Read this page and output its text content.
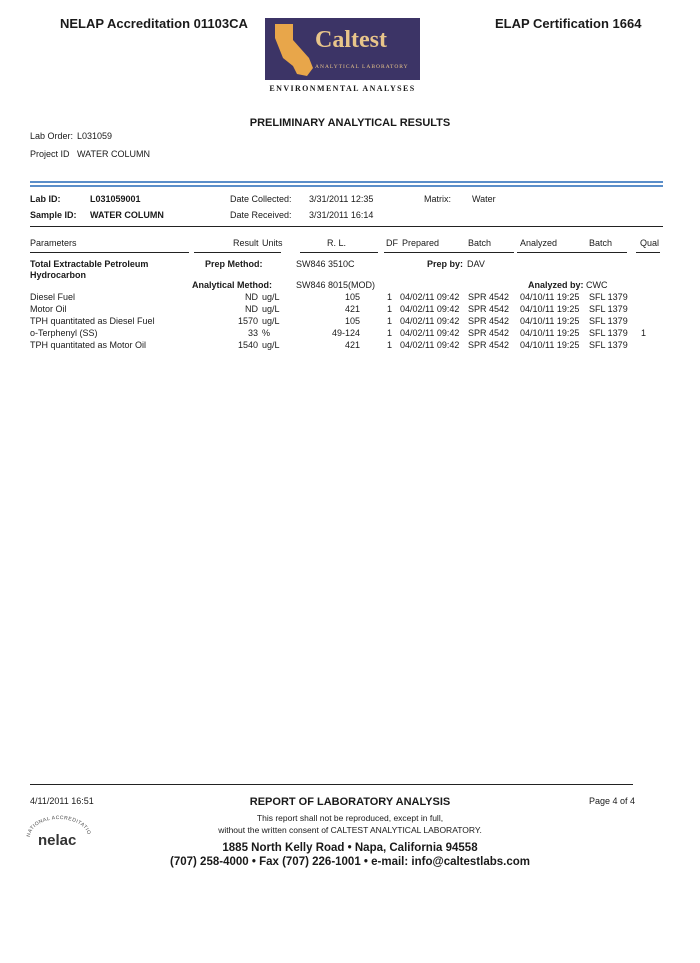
NELAP Accreditation 01103CA	ELAP Certification 1664
Caltest
ANALYTICAL LABORATORY
ENVIRONMENTAL ANALYSES
PRELIMINARY ANALYTICAL RESULTS
Lab Order: L031059
Project ID WATER COLUMN
Lab ID:	L031059001
Sample ID: WATER COLUMN
Date Collected: 3/31/2011 12:35
Date Received: 3/31/2011 16:14
Matrix: Water
Parameters	Result Units	R. L.	DF Prepared	Batch	Analyzed	Batch	Qual
Total Extractable Petroleum
Hydrocarbon
Prep Method:	SW846 3510C	Prep by: DAV
Analytical Method:	SW846 8015(MOD)	Analyzed by: CWC
Diesel Fuel	ND ug/L	105	1 04/02/11 09:42 SPR 4542	04/10/11 19:25	SFL 1379
Motor Oil	ND ug/L	421	1 04/02/11 09:42 SPR 4542	04/10/11 19:25	SFL 1379
TPH quantitated as Diesel Fuel	1570 ug/L	105	1 04/02/11 09:42 SPR 4542	04/10/11 19:25	SFL 1379
o-Terphenyl (SS)	33 %	49-124	1 04/02/11 09:42 SPR 4542	04/10/11 19:25	SFL 1379	1
TPH quantitated as Motor Oil	1540 ug/L	421	1 04/02/11 09:42 SPR 4542	04/10/11 19:25	SFL 1379
4/11/2011 16:51	REPORT OF LABORATORY ANALYSIS	Page 4 of 4
This report shall not be reproduced, except in full,
without the written consent of CALTEST ANALYTICAL LABORATORY.
NATIONAL ACCREDITATIO
nelac	1885 North Kelly Road • Napa, California 94558
(707) 258-4000 • Fax (707) 226-1001 • e-mail: info@caltestlabs.com
